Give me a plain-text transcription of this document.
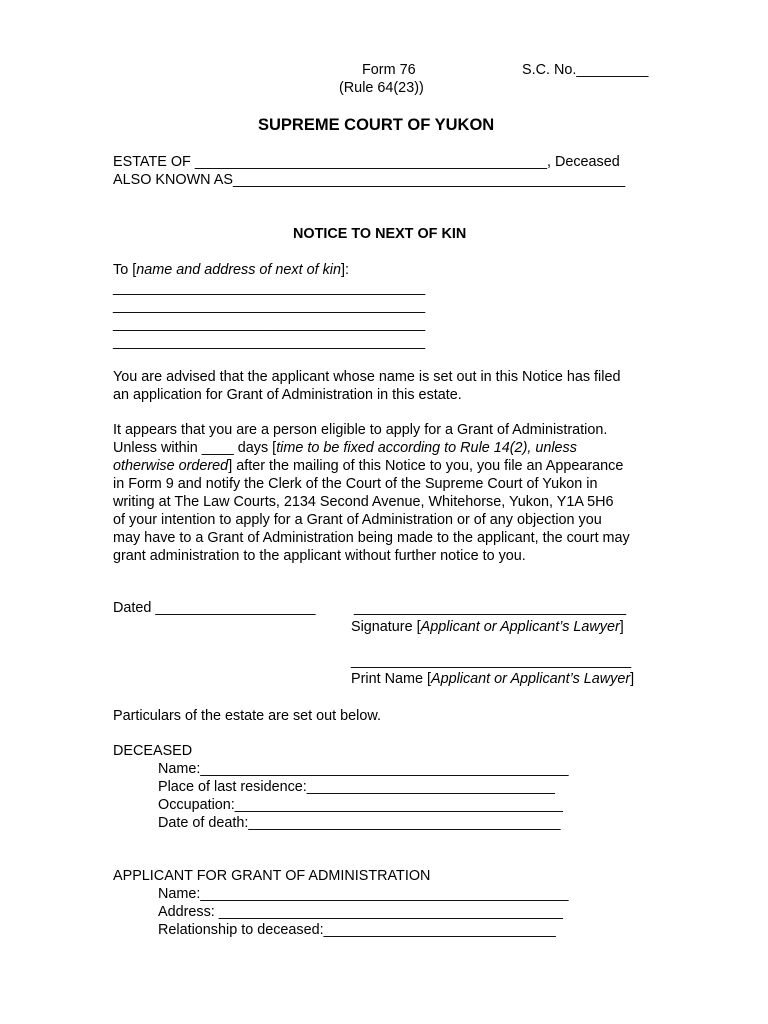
Form 76	S.C. No._________
(Rule 64(23))
SUPREME COURT OF YUKON
ESTATE OF ____________________________________________, Deceased
ALSO KNOWN AS_________________________________________________
NOTICE TO NEXT OF KIN
To [name and address of next of kin]:
_______________________________________
_______________________________________
_______________________________________
_______________________________________
You are advised that the applicant whose name is set out in this Notice has filed
an application for Grant of Administration in this estate.
It appears that you are a person eligible to apply for a Grant of Administration.
Unless within ____ days [time to be fixed according to Rule 14(2), unless
otherwise ordered] after the mailing of this Notice to you, you file an Appearance
in Form 9 and notify the Clerk of the Court of the Supreme Court of Yukon in
writing at The Law Courts, 2134 Second Avenue, Whitehorse, Yukon, Y1A 5H6
of your intention to apply for a Grant of Administration or of any objection you
may have to a Grant of Administration being made to the applicant, the court may
grant administration to the applicant without further notice to you.
Dated ____________________	__________________________________
Signature [Applicant or Applicant’s Lawyer]
___________________________________
Print Name [Applicant or Applicant’s Lawyer]
Particulars of the estate are set out below.
DECEASED
Name:______________________________________________
Place of last residence:_______________________________
Occupation:_________________________________________
Date of death:_______________________________________
APPLICANT FOR GRANT OF ADMINISTRATION
Name:______________________________________________
Address: ___________________________________________
Relationship to deceased:_____________________________
